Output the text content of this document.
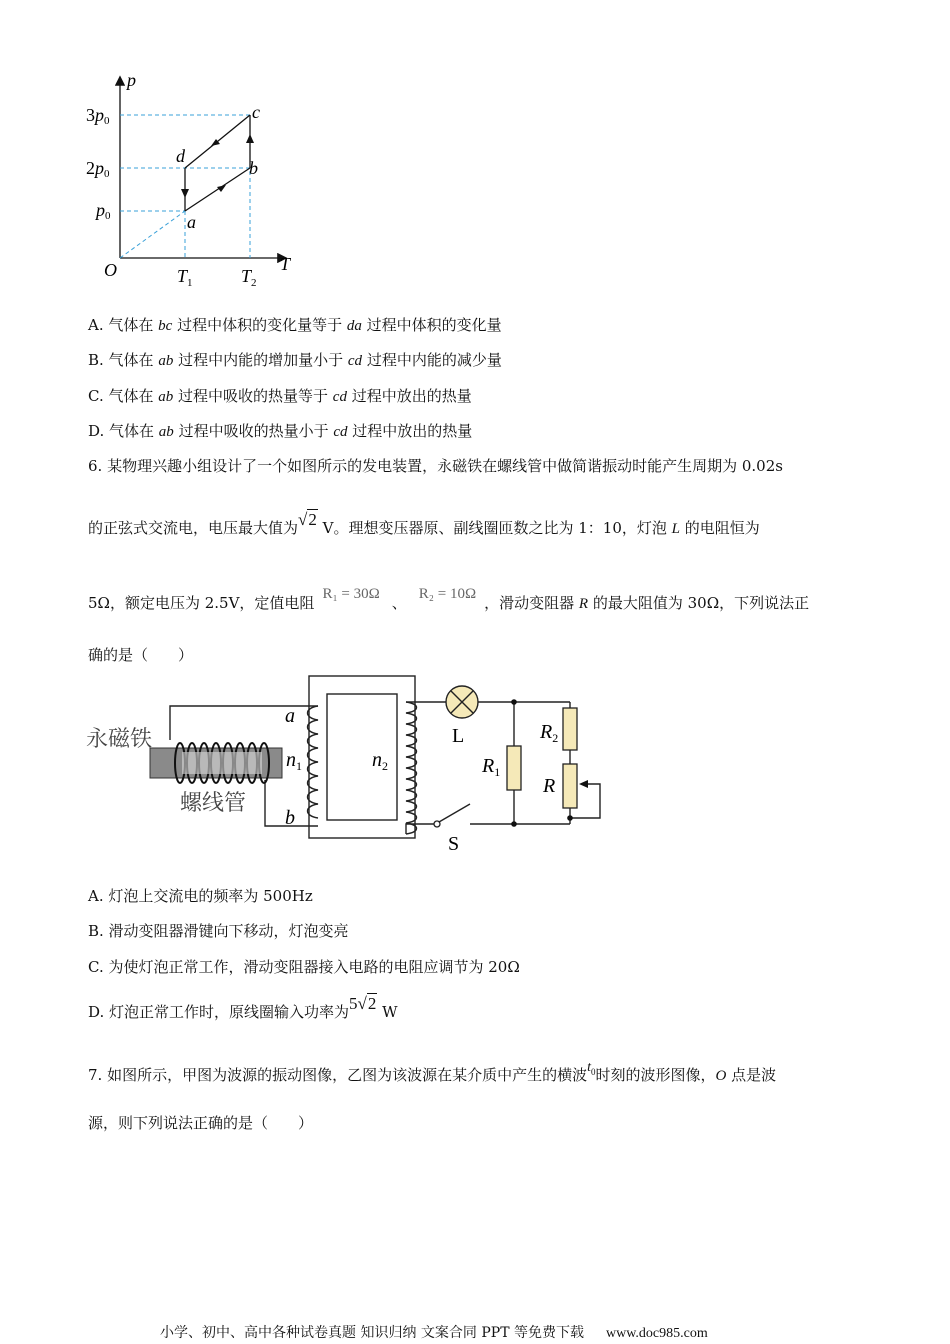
p
T
O
3p0
2p0
p0
$T_1$	$T_2$
a
b
c
d
A. 气体在 bc 过程中体积的变化量等于 da 过程中体积的变化量
B. 气体在 ab 过程中内能的增加量小于 cd 过程中内能的减少量
C. 气体在 ab 过程中吸收的热量等于 cd 过程中放出的热量
D. 气体在 ab 过程中吸收的热量小于 cd 过程中放出的热量
6. 某物理兴趣小组设计了一个如图所示的发电装置，永磁铁在螺线管中做简谐振动时能产生周期为 0.02s
的正弦式交流电，电压最大值为√2 V。理想变压器原、副线圈匝数之比为 1：10，灯泡 L 的电阻恒为
5Ω，额定电压为 2.5V，定值电阻 R₁ = 30Ω 、 R₂ = 10Ω ，滑动变阻器 R 的最大阻值为 30Ω，下列说法正
确的是（　　）
永磁铁
螺线管
a
b
$n_1$	$n_2$
L
S
$R_1$
$R_2$
R
A. 灯泡上交流电的频率为 500Hz
B. 滑动变阻器滑键向下移动，灯泡变亮
C. 为使灯泡正常工作，滑动变阻器接入电路的电阻应调节为 20Ω
D. 灯泡正常工作时，原线圈输入功率为5√2 W
7. 如图所示，甲图为波源的振动图像，乙图为该波源在某介质中产生的横波$t_0$时刻的波形图像，O 点是波
源，则下列说法正确的是（　　）
小学、初中、高中各种试卷真题 知识归纳 文案合同 PPT 等免费下载 www.doc985.com
